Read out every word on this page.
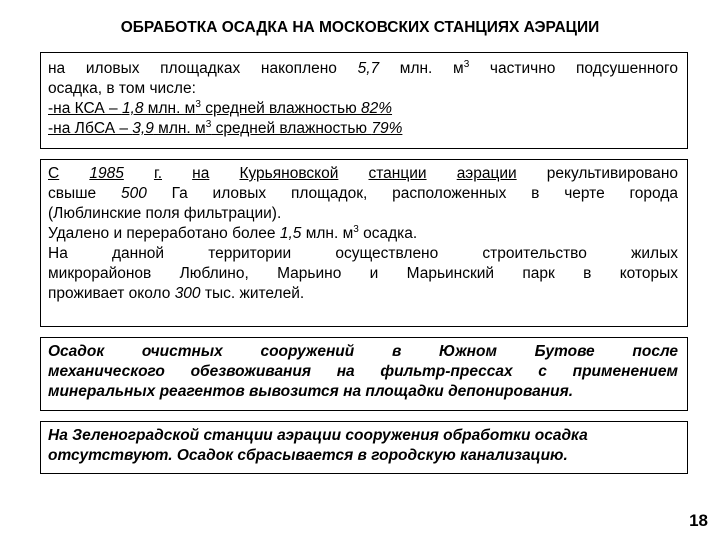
ОБРАБОТКА ОСАДКА НА МОСКОВСКИХ СТАНЦИЯХ АЭРАЦИИ
на иловых площадках накоплено 5,7 млн. $м^3$ частично подсушенного
осадка, в том числе:
-на КСА – 1,8 млн. $м^3$ средней влажностью 82%
-на ЛбСА – 3,9 млн. $м^3$ средней влажностью 79%
С 1985 г. на Курьяновской станции аэрации рекультивировано
свыше 500 Га иловых площадок, расположенных в черте города
(Люблинские поля фильтрации).
Удалено и переработано более 1,5 млн. $м^3$ осадка.
На данной территории осуществлено строительство жилых
микрорайонов Люблино, Марьино и Марьинский парк в которых
проживает около 300 тыс. жителей.
Осадок очистных сооружений в Южном Бутове после
механического обезвоживания на фильтр-прессах с применением
минеральных реагентов вывозится на площадки депонирования.
На Зеленоградской станции аэрации сооружения обработки осадка
отсутствуют. Осадок сбрасывается в городскую канализацию.
18
